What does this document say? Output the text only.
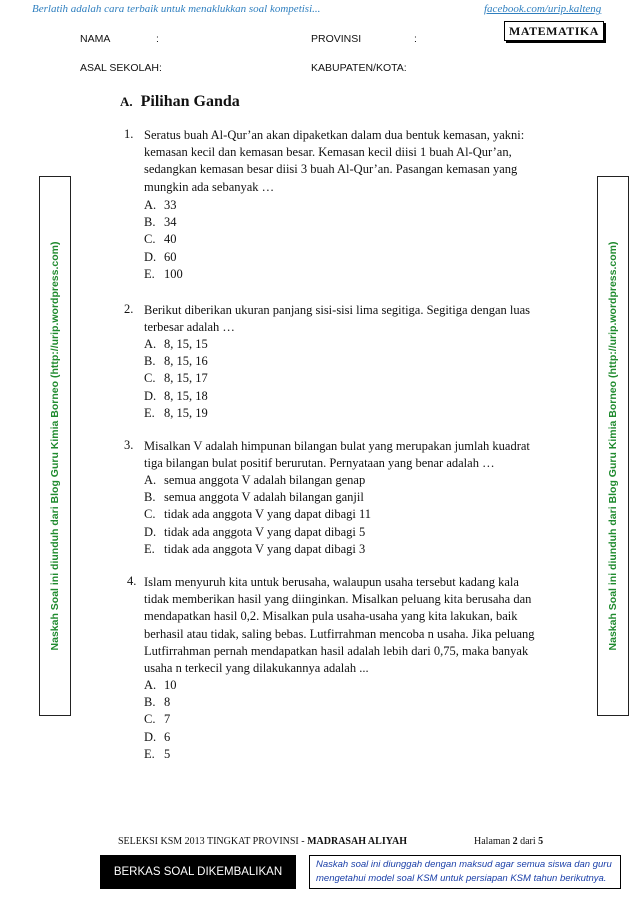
Berlatih adalah cara terbaik untuk menaklukkan soal kompetisi...	facebook.com/urip.kalteng
MATEMATIKA
NAMA	:	PROVINSI	:
ASAL SEKOLAH:	KABUPATEN/KOTA:
Naskah Soal ini diunduh dari Blog Guru Kimia Borneo (http://urip.wordpress.com)	Naskah Soal ini diunduh dari Blog Guru Kimia Borneo (http://urip.wordpress.com)
A. Pilihan Ganda
1. Seratus buah Al-Qur’an akan dipaketkan dalam dua bentuk kemasan, yakni:
kemasan kecil dan kemasan besar. Kemasan kecil diisi 1 buah Al-Qur’an,
sedangkan kemasan besar diisi 3 buah Al-Qur’an. Pasangan kemasan yang
mungkin ada sebanyak …
A. 33
B. 34
C. 40
D. 60
E. 100
2. Berikut diberikan ukuran panjang sisi-sisi lima segitiga. Segitiga dengan luas
terbesar adalah …
A. 8, 15, 15
B. 8, 15, 16
C. 8, 15, 17
D. 8, 15, 18
E. 8, 15, 19
3. Misalkan V adalah himpunan bilangan bulat yang merupakan jumlah kuadrat
tiga bilangan bulat positif berurutan. Pernyataan yang benar adalah …
A. semua anggota V adalah bilangan genap
B. semua anggota V adalah bilangan ganjil
C. tidak ada anggota V yang dapat dibagi 11
D. tidak ada anggota V yang dapat dibagi 5
E. tidak ada anggota V yang dapat dibagi 3
4. Islam menyuruh kita untuk berusaha, walaupun usaha tersebut kadang kala
tidak memberikan hasil yang diinginkan. Misalkan peluang kita berusaha dan
mendapatkan hasil 0,2. Misalkan pula usaha-usaha yang kita lakukan, baik
berhasil atau tidak, saling bebas. Lutfirrahman mencoba n usaha. Jika peluang
Lutfirrahman pernah mendapatkan hasil adalah lebih dari 0,75, maka banyak
usaha n terkecil yang dilakukannya adalah ...
A. 10
B. 8
C. 7
D. 6
E. 5
SELEKSI KSM 2013 TINGKAT PROVINSI - MADRASAH ALIYAH	Halaman 2 dari 5
BERKAS SOAL DIKEMBALIKAN
Naskah soal ini diunggah dengan maksud agar semua siswa dan guru mengetahui model soal KSM untuk persiapan KSM tahun berikutnya.
